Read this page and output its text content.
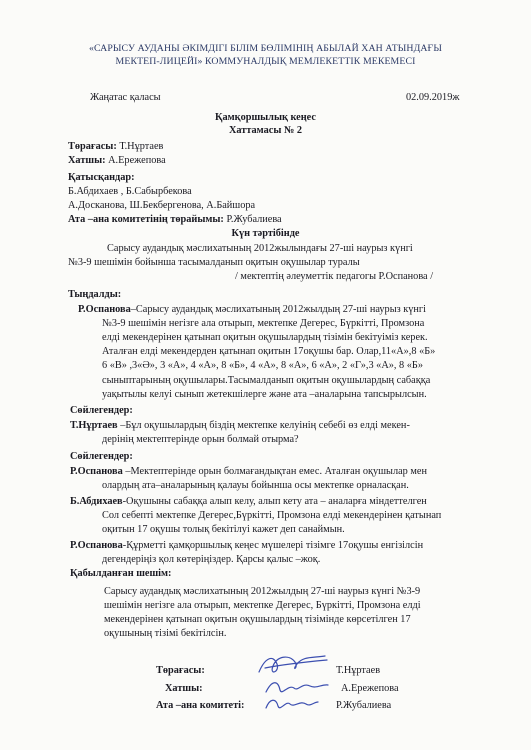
«САРЫСУ АУДАНЫ ӘКІМДІГІ БІЛІМ БӨЛІМІНІҢ АБЫЛАЙ ХАН АТЫНДАҒЫ
МЕКТЕП-ЛИЦЕЙІ» КОММУНАЛДЫҚ МЕМЛЕКЕТТІК МЕКЕМЕСІ
Жаңатас қаласы	02.09.2019ж
Қамқоршылық кеңес
Хаттамасы № 2
Төрағасы: Т.Нұртаев
Хатшы: А.Ережепова
Қатысқандар:
Б.Абдихаев , Б.Сабырбекова
А.Досканова, Ш.Бекбергенова, А.Байшора
Ата –ана комитетінің төрайымы: Р.Жубалиева
Күн тәртібінде
Сарысу аудандық мәслихатының 2012жылындағы 27-ші наурыз күнгі
№3-9 шешімін бойынша тасымалданып оқитын оқушылар туралы
/ мектептің әлеуметтік педагогы Р.Оспанова /
Тыңдалды:
Р.Оспанова–Сарысу аудандық мәслихатының 2012жылдың 27-ші наурыз күнгі
№3-9 шешімін негізге ала отырып, мектепке Дегерес, Бүркітті, Промзона
елді мекендерінен қатынап оқитын оқушылардың тізімін бекітуіміз керек.
Аталған елді мекендерден қатынап оқитын 17оқушы бар. Олар,11«А»,8 «Б»
6 «В» ,3«Ә», 3 «А», 4 «А», 8 «Б», 4 «А», 8 «А», 6 «А», 2 «Г»,3 «А», 8 «Б»
сыныптарының оқушылары.Тасымалданып оқитын оқушылардың сабаққа
уақытылы келуі сынып жетекшілерге және ата –аналарына тапсырылсын.
Сөйлегендер:
Т.Нұртаев –Бұл оқушылардың біздің мектепке келуінің себебі өз елді мекен-
дерінің мектептерінде орын болмай отырма?
Сөйлегендер:
Р.Оспанова –Мектептерінде орын болмағандықтан емес. Аталған оқушылар мен
олардың ата–аналарының қалауы бойынша осы мектепке орналасқан.
Б.Абдихаев-Оқушыны сабаққа алып келу, алып кету ата – аналарға міндеттелген
Сол себепті мектепке Дегерес,Бүркітті, Промзона елді мекендерінен қатынап
оқитын 17 оқушы толық бекітілуі кажет деп санаймын.
Р.Оспанова-Құрметті қамқоршылық кеңес мүшелері тізімге 17оқушы енгізілсін
дегендеріңіз қол көтеріңіздер. Қарсы қалыс –жоқ.
Қабылданған шешім:
Сарысу аудандық мәслихатының 2012жылдың 27-ші наурыз күнгі №3-9
шешімін негізге ала отырып, мектепке Дегерес, Бүркітті, Промзона елді
мекендерінен қатынап оқитын оқушылардың тізімінде көрсетілген 17
оқушының тізімі бекітілсін.
Төрағасы:	Т.Нұртаев
Хатшы:	А.Ережепова
Ата –ана комитеті:	Р.Жубалиева
